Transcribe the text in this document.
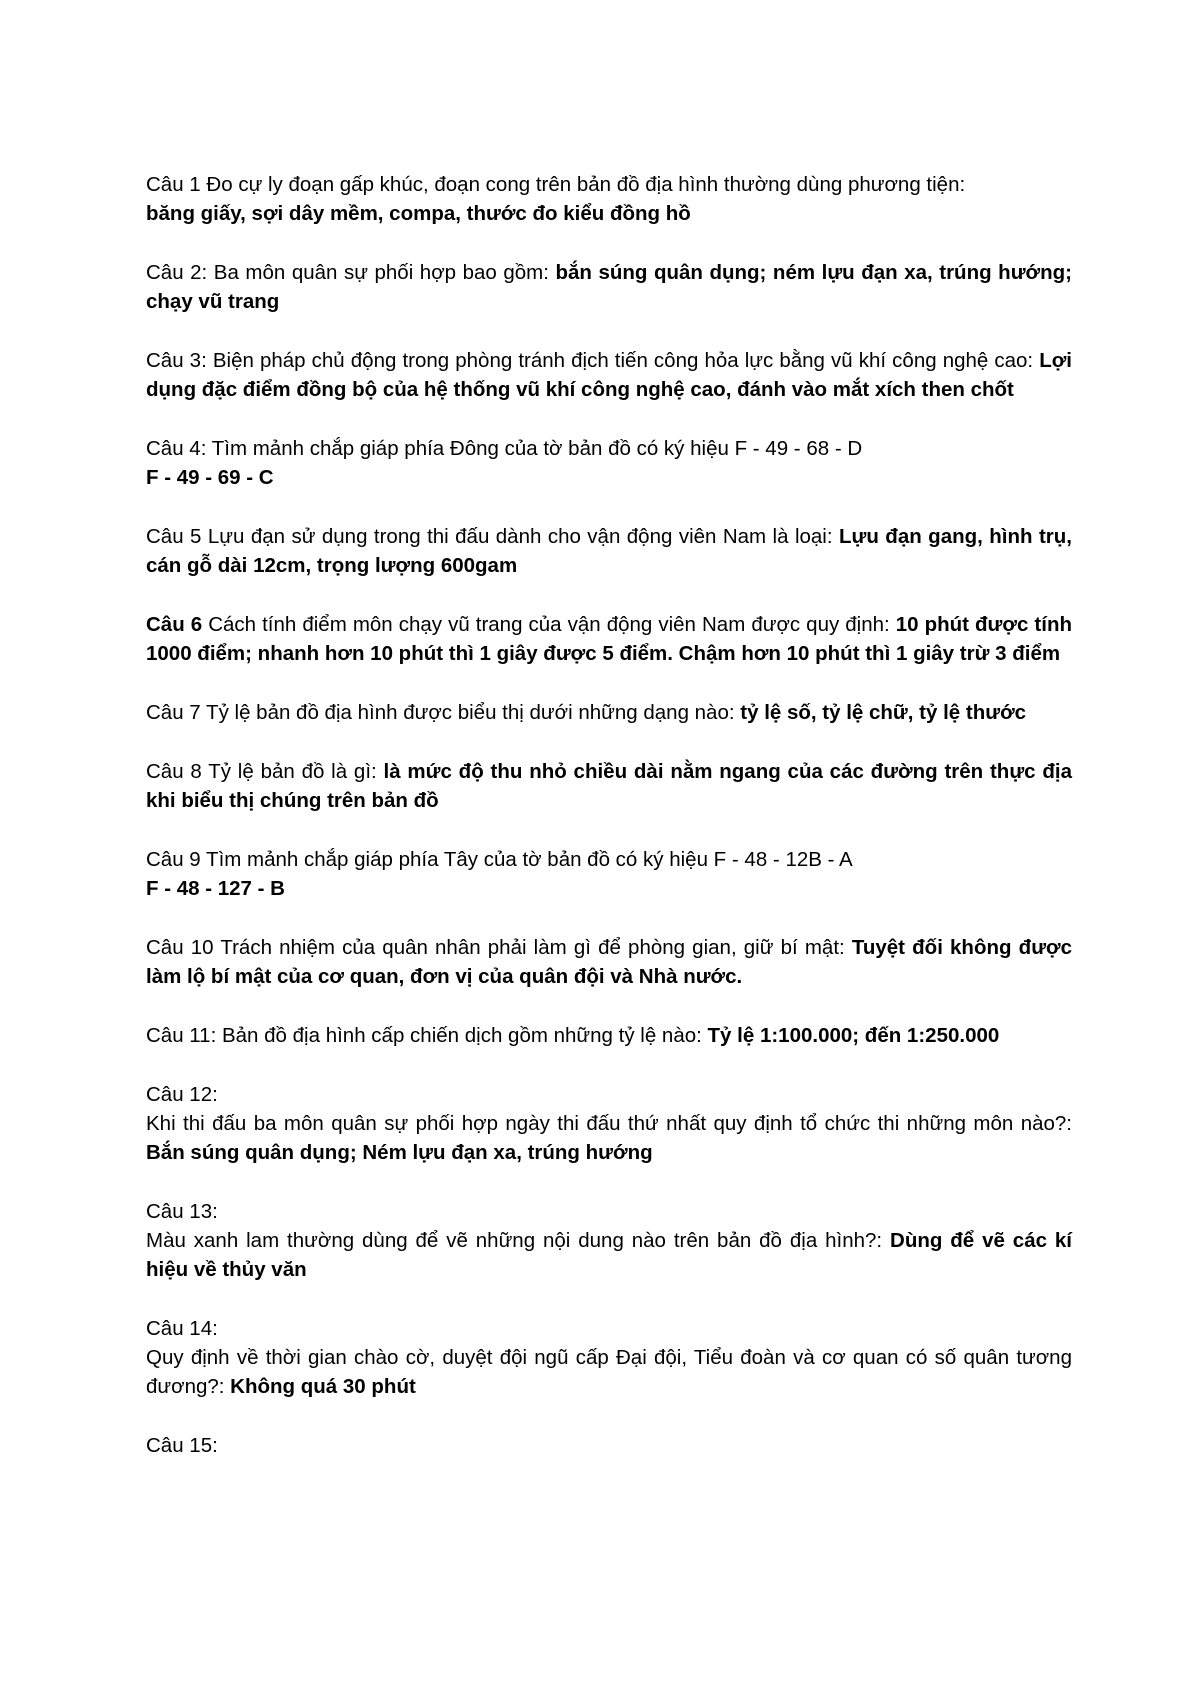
Câu 1 Đo cự ly đoạn gấp khúc, đoạn cong trên bản đồ địa hình thường dùng phương tiện:
băng giấy, sợi dây mềm, compa, thước đo kiểu đồng hồ

Câu 2: Ba môn quân sự phối hợp bao gồm: bắn súng quân dụng; ném lựu đạn xa, trúng hướng; chạy vũ trang

Câu 3: Biện pháp chủ động trong phòng tránh địch tiến công hỏa lực bằng vũ khí công nghệ cao: Lợi dụng đặc điểm đồng bộ của hệ thống vũ khí công nghệ cao, đánh vào mắt xích then chốt

Câu 4: Tìm mảnh chắp giáp phía Đông của tờ bản đồ có ký hiệu F - 49 - 68 - D
F - 49 - 69 - C

Câu 5 Lựu đạn sử dụng trong thi đấu dành cho vận động viên Nam là loại: Lựu đạn gang, hình trụ, cán gỗ dài 12cm, trọng lượng 600gam

Câu 6 Cách tính điểm môn chạy vũ trang của vận động viên Nam được quy định: 10 phút được tính 1000 điểm; nhanh hơn 10 phút thì 1 giây được 5 điểm. Chậm hơn 10 phút thì 1 giây trừ 3 điểm

Câu 7 Tỷ lệ bản đồ địa hình được biểu thị dưới những dạng nào: tỷ lệ số, tỷ lệ chữ, tỷ lệ thước

Câu 8 Tỷ lệ bản đồ là gì: là mức độ thu nhỏ chiều dài nằm ngang của các đường trên thực địa khi biểu thị chúng trên bản đồ

Câu 9 Tìm mảnh chắp giáp phía Tây của tờ bản đồ có ký hiệu F - 48 - 12B - A
F - 48 - 127 - B

Câu 10 Trách nhiệm của quân nhân phải làm gì để phòng gian, giữ bí mật: Tuyệt đối không được làm lộ bí mật của cơ quan, đơn vị của quân đội và Nhà nước.

Câu 11: Bản đồ địa hình cấp chiến dịch gồm những tỷ lệ nào: Tỷ lệ 1:100.000; đến 1:250.000

Câu 12:
Khi thi đấu ba môn quân sự phối hợp ngày thi đấu thứ nhất quy định tổ chức thi những môn nào?: Bắn súng quân dụng; Ném lựu đạn xa, trúng hướng

Câu 13:
Màu xanh lam thường dùng để vẽ những nội dung nào trên bản đồ địa hình?: Dùng để vẽ các kí hiệu về thủy văn

Câu 14:
Quy định về thời gian chào cờ, duyệt đội ngũ cấp Đại đội, Tiểu đoàn và cơ quan có số quân tương đương?: Không quá 30 phút

Câu 15:
